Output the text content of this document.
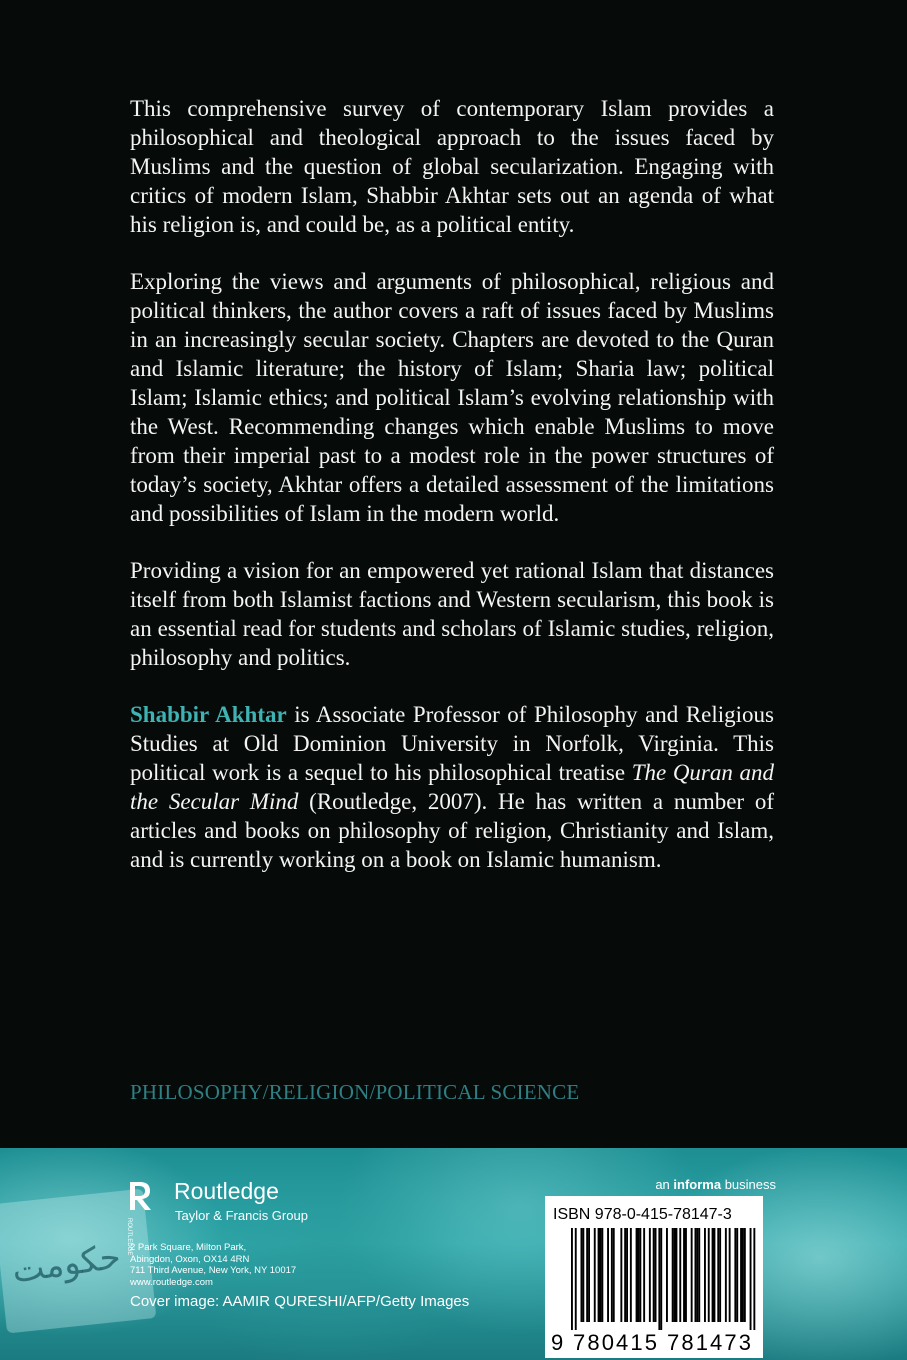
This comprehensive survey of contemporary Islam provides a philosophical and theological approach to the issues faced by Muslims and the question of global secularization. Engaging with critics of modern Islam, Shabbir Akhtar sets out an agenda of what his religion is, and could be, as a political entity.

Exploring the views and arguments of philosophical, religious and political thinkers, the author covers a raft of issues faced by Muslims in an increasingly secular society. Chapters are devoted to the Quran and Islamic literature; the history of Islam; Sharia law; political Islam; Islamic ethics; and political Islam’s evolving relationship with the West. Recommending changes which enable Muslims to move from their imperial past to a modest role in the power structures of today’s society, Akhtar offers a detailed assessment of the limitations and possibilities of Islam in the modern world.

Providing a vision for an empowered yet rational Islam that distances itself from both Islamist factions and Western secularism, this book is an essential read for students and scholars of Islamic studies, religion, philosophy and politics.

Shabbir Akhtar is Associate Professor of Philosophy and Religious Studies at Old Dominion University in Norfolk, Virginia. This political work is a sequel to his philosophical treatise The Quran and the Secular Mind (Routledge, 2007). He has written a number of articles and books on philosophy of religion, Christianity and Islam, and is currently working on a book on Islamic humanism.

PHILOSOPHY/RELIGION/POLITICAL SCIENCE
حکومت ROUTLEDGE
Routledge
Taylor & Francis Group
2 Park Square, Milton Park,
Abingdon, Oxon, OX14 4RN
711 Third Avenue, New York, NY 10017
www.routledge.com
Cover image: AAMIR QURESHI/AFP/Getty Images
an informa business
ISBN 978-0-415-78147-3
9 780415 781473
